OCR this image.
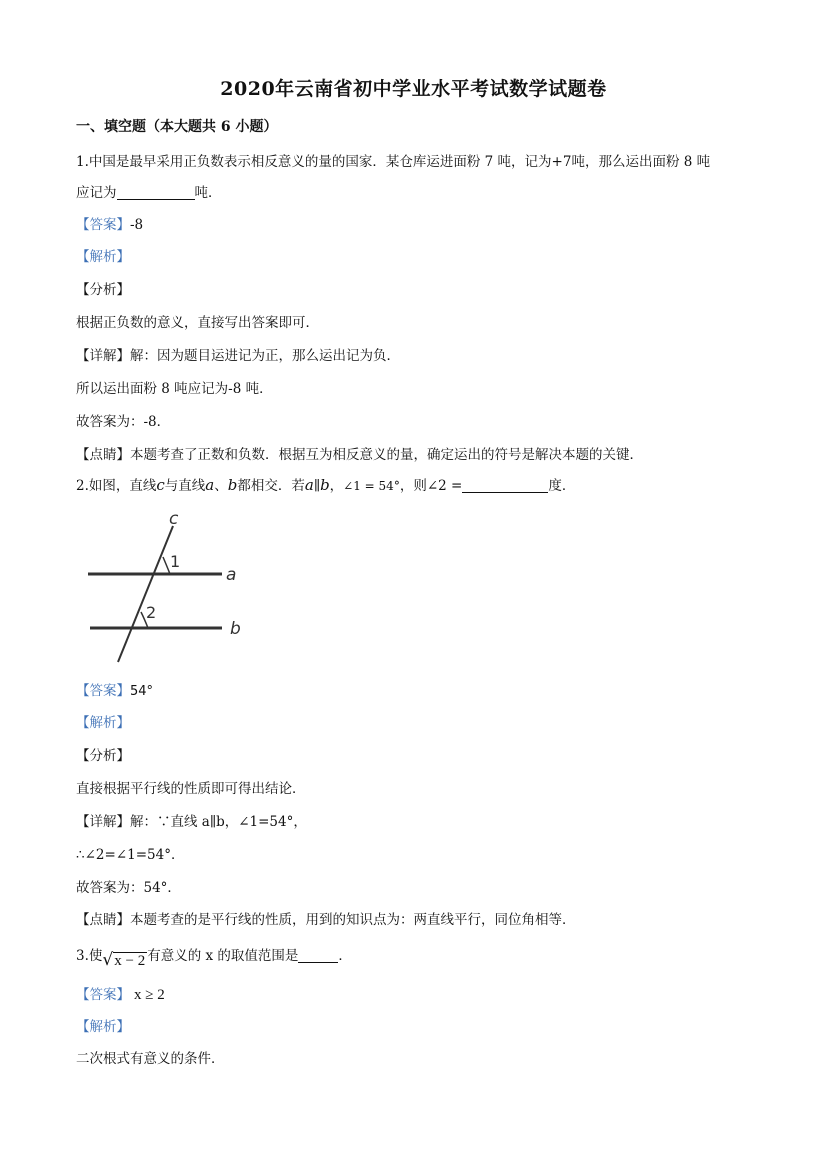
2020年云南省初中学业水平考试数学试题卷
一、填空题（本大题共 6 小题）
1.中国是最早采用正负数表示相反意义的量的国家．某仓库运进面粉 7 吨，记为+7吨，那么运出面粉 8 吨
应记为	吨．
【答案】-8
【解析】
【分析】
根据正负数的意义，直接写出答案即可．
【详解】解：因为题目运进记为正，那么运出记为负．
所以运出面粉 8 吨应记为-8 吨．
故答案为：-8．
【点睛】本题考查了正数和负数．根据互为相反意义的量，确定运出的符号是解决本题的关键．
2.如图，直线c与直线a、b都相交．若a∥b，∠1 = 54°，则∠2 =	度．
c
1
a
2
b
【答案】54°
【解析】
【分析】
直接根据平行线的性质即可得出结论．
【详解】解：∵直线 a∥b，∠1=54°，
∴∠2=∠1=54°．
故答案为：54°．
【点睛】本题考查的是平行线的性质，用到的知识点为：两直线平行，同位角相等．
3.使√x − 2 有意义的 x 的取值范围是	．
【答案】 x ≥ 2
【解析】
二次根式有意义的条件．
